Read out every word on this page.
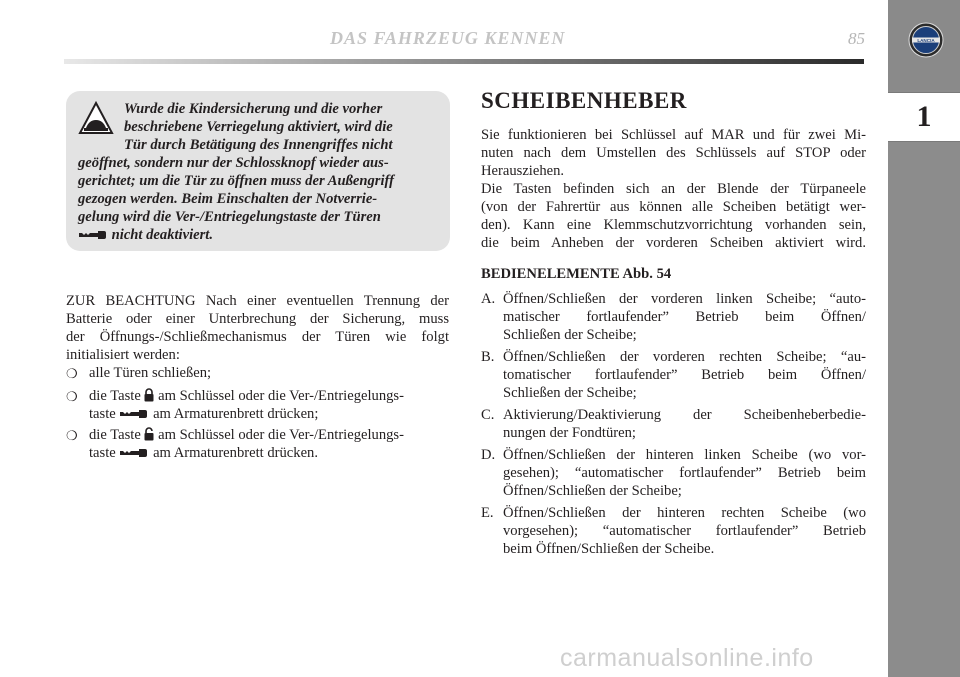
DAS FAHRZEUG KENNEN	85	LANCIA
1
Wurde die Kindersicherung und die vorher
beschriebene Verriegelung aktiviert, wird die
Tür durch Betätigung des Innengriffes nicht
geöffnet, sondern nur der Schlossknopf wieder aus-
gerichtet; um die Tür zu öffnen muss der Außengriff
gezogen werden. Beim Einschalten der Notverrie-
gelung wird die Ver-/Entriegelungstaste der Türen
nicht deaktiviert.
ZUR BEACHTUNG Nach einer eventuellen Trennung der
Batterie oder einer Unterbrechung der Sicherung, muss
der Öffnungs-/Schließmechanismus der Türen wie folgt
initialisiert werden:
❍ alle Türen schließen;
❍ die Taste am Schlüssel oder die Ver-/Entriegelungs-
taste	am Armaturenbrett drücken;
❍ die Taste am Schlüssel oder die Ver-/Entriegelungs-
taste	am Armaturenbrett drücken.
SCHEIBENHEBER
Sie funktionieren bei Schlüssel auf MAR und für zwei Mi-
nuten nach dem Umstellen des Schlüssels auf STOP oder
Herausziehen.
Die Tasten befinden sich an der Blende der Türpaneele
(von der Fahrertür aus können alle Scheiben betätigt wer-
den). Kann eine Klemmschutzvorrichtung vorhanden sein,
die beim Anheben der vorderen Scheiben aktiviert wird.
BEDIENELEMENTE Abb. 54
A. Öffnen/Schließen der vorderen linken Scheibe; “auto-
matischer fortlaufender” Betrieb beim Öffnen/
Schließen der Scheibe;
B. Öffnen/Schließen der vorderen rechten Scheibe; “au-
tomatischer fortlaufender” Betrieb beim Öffnen/
Schließen der Scheibe;
C. Aktivierung/Deaktivierung der Scheibenheberbedie-
nungen der Fondtüren;
D. Öffnen/Schließen der hinteren linken Scheibe (wo vor-
gesehen); “automatischer fortlaufender” Betrieb beim
Öffnen/Schließen der Scheibe;
E. Öffnen/Schließen der hinteren rechten Scheibe (wo
vorgesehen); “automatischer fortlaufender” Betrieb
beim Öffnen/Schließen der Scheibe.
carmanualsonline.info
